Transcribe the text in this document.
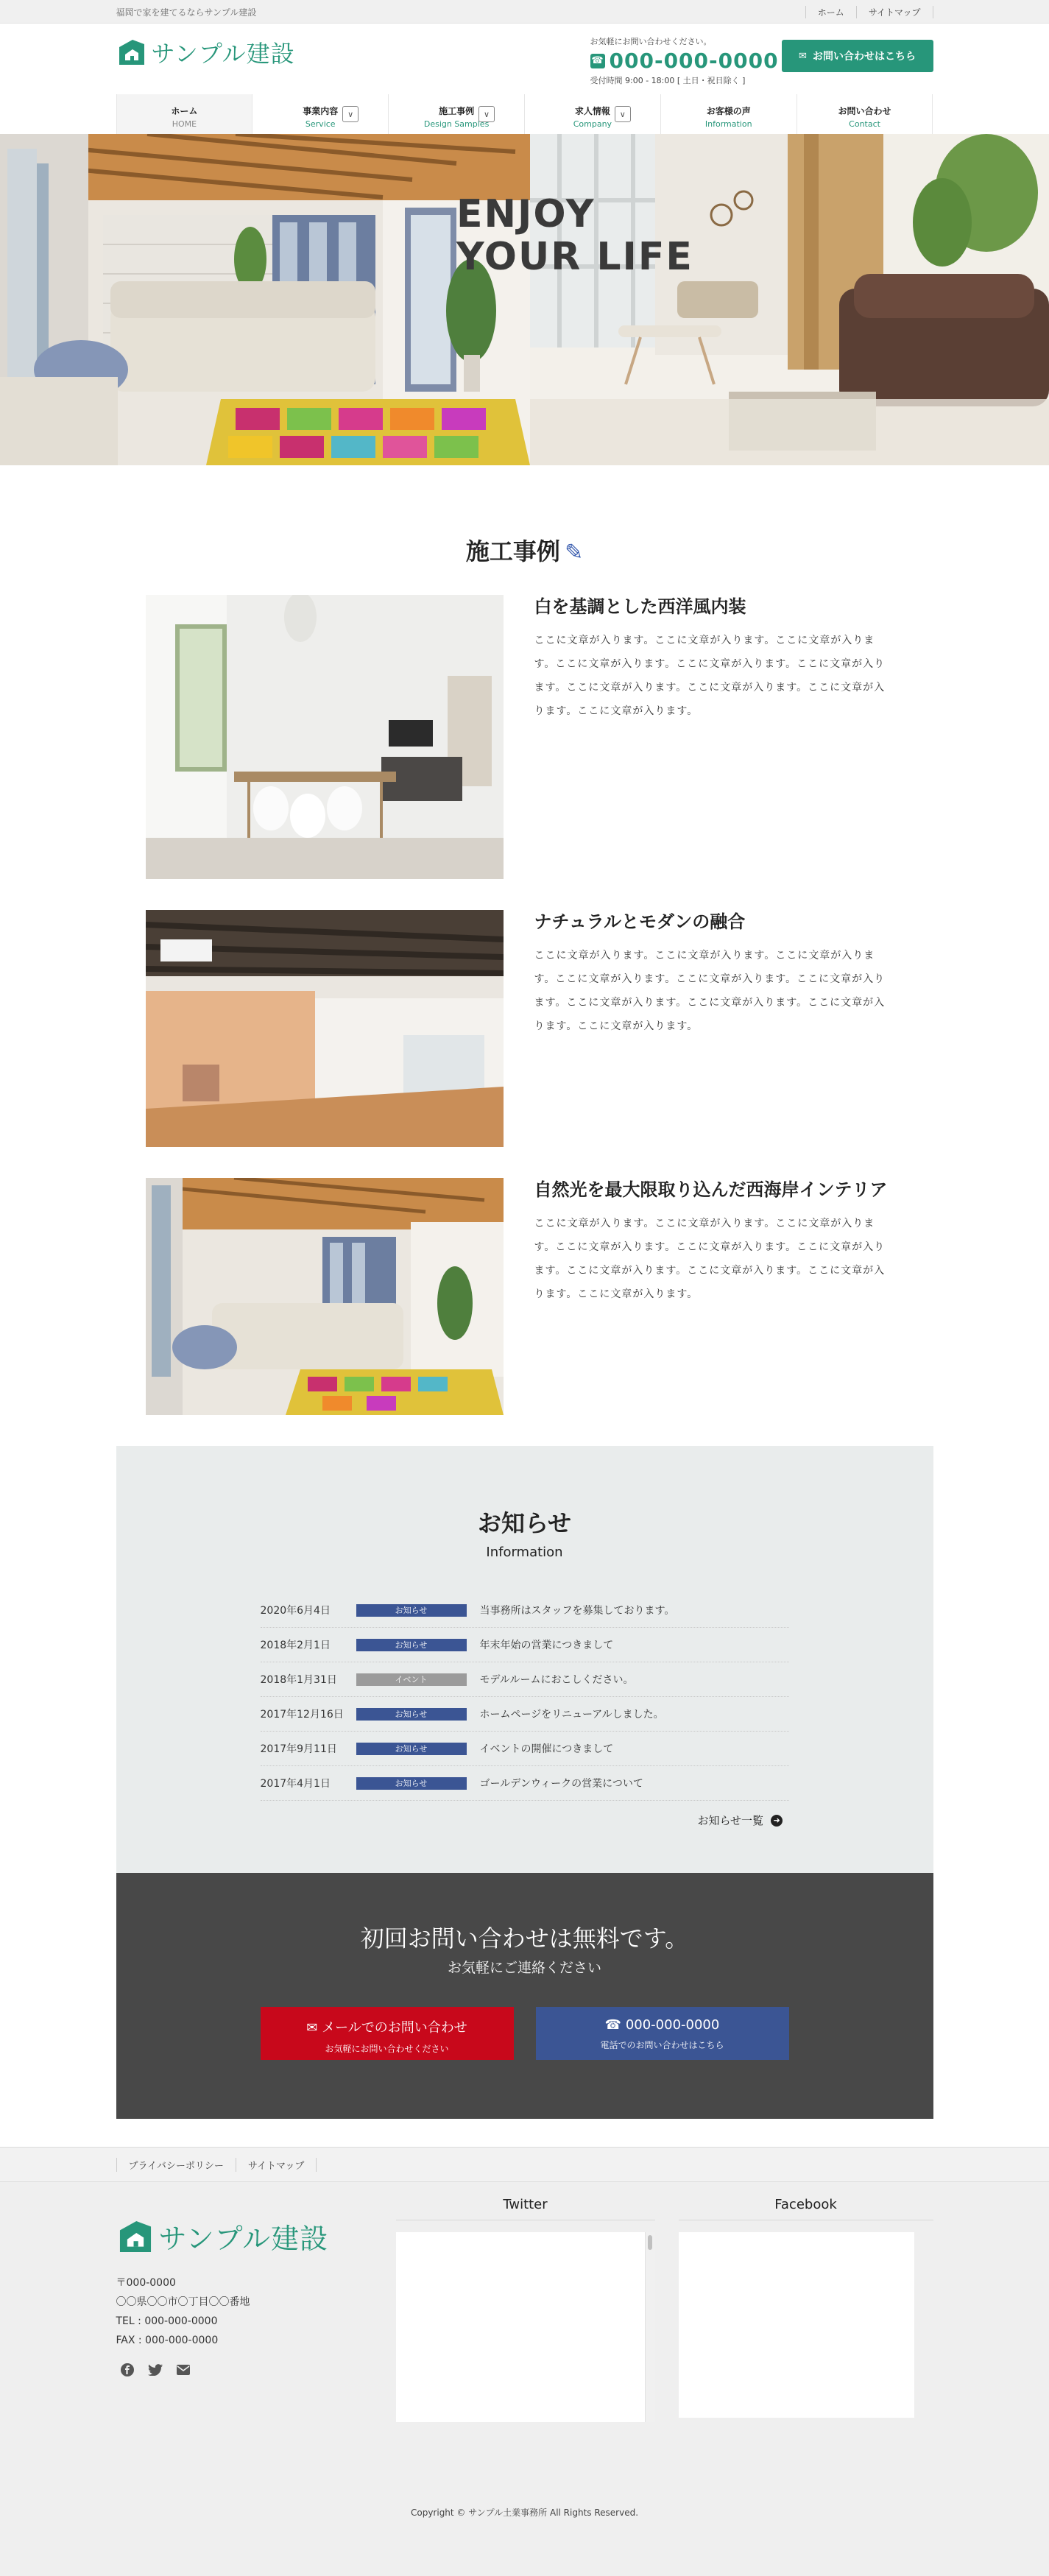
福岡で家を建てるならサンプル建設	ホーム	サイトマップ
サンプル建設	お気軽にお問い合わせください。
☎ 000-000-0000
受付時間 9:00 - 18:00 [ 土日・祝日除く ]
✉ お問い合わせはこちら
ホーム
HOME
事業内容
Service
∨	施工事例
Design Samples
∨	求人情報
Company
∨	お客様の声
Information
お問い合わせ
Contact
ENJOY
YOUR LIFE
施工事例 ✎
白を基調とした西洋風内装

ここに文章が入ります。ここに文章が入ります。ここに文章が入ります。ここに文章が入ります。ここに文章が入ります。ここに文章が入ります。ここに文章が入ります。ここに文章が入ります。ここに文章が入ります。ここに文章が入ります。

ナチュラルとモダンの融合

ここに文章が入ります。ここに文章が入ります。ここに文章が入ります。ここに文章が入ります。ここに文章が入ります。ここに文章が入ります。ここに文章が入ります。ここに文章が入ります。ここに文章が入ります。ここに文章が入ります。

自然光を最大限取り込んだ西海岸インテリア

ここに文章が入ります。ここに文章が入ります。ここに文章が入ります。ここに文章が入ります。ここに文章が入ります。ここに文章が入ります。ここに文章が入ります。ここに文章が入ります。ここに文章が入ります。ここに文章が入ります。

お知らせ
Information
2020年6月4日	お知らせ	当事務所はスタッフを募集しております。
2018年2月1日	お知らせ	年末年始の営業につきまして
2018年1月31日	イベント	モデルルームにおこしください。
2017年12月16日	お知らせ	ホームページをリニューアルしました。
2017年9月11日	お知らせ	イベントの開催につきまして
2017年4月1日	お知らせ	ゴールデンウィークの営業について
お知らせ一覧	➜
初回お問い合わせは無料です。
お気軽にご連絡ください
✉ メールでのお問い合わせ
お気軽にお問い合わせください
☎ 000-000-0000
電話でのお問い合わせはこちら
プライバシーポリシー	サイトマップ
サンプル建設
〒000-0000
〇〇県〇〇市〇丁目〇〇番地
TEL : 000-000-0000
FAX : 000-000-0000
Twitter	Facebook
Copyright © サンプル土業事務所 All Rights Reserved.
